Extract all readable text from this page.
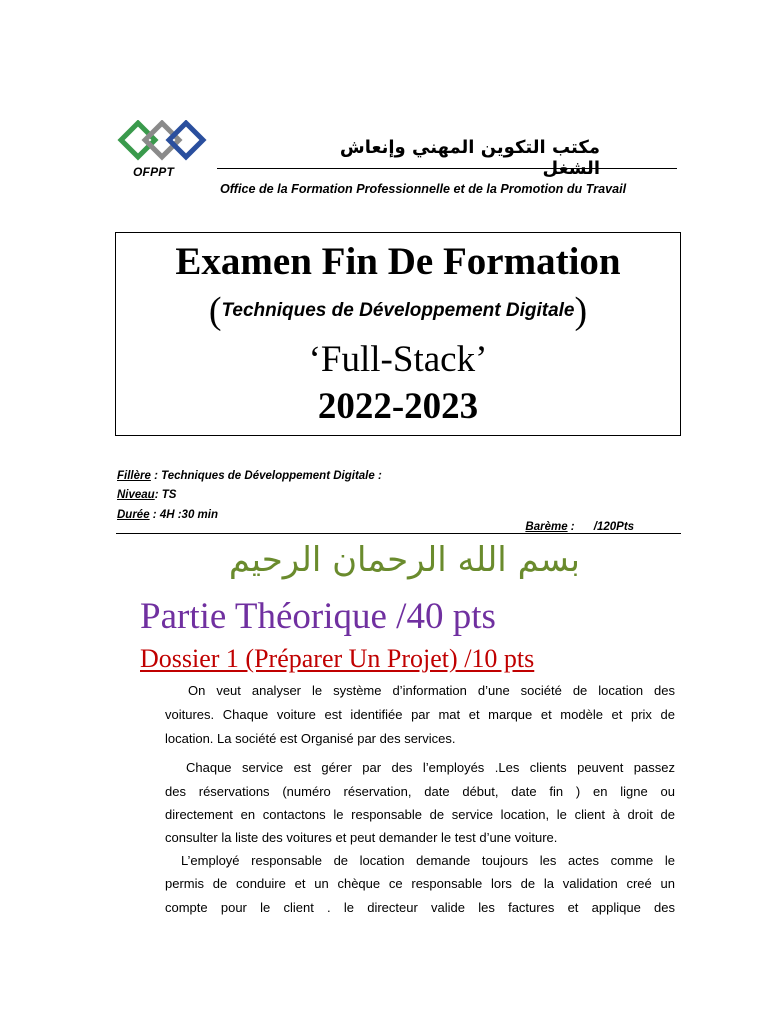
OFPPT
مكتب التكوين المهني وإنعاش الشغل
Office de la Formation Professionnelle et de la Promotion du Travail
Examen Fin De Formation
(Techniques de Développement Digitale)
‘Full-Stack’
2022-2023
Fillère : Techniques de Développement Digitale :
Niveau: TS
Durée : 4H :30 min

Barème :      /120Pts

بسم الله الرحمان الرحيم
Partie Théorique /40 pts
Dossier 1 (Préparer Un Projet) /10 pts
On veut analyser le système d’information d’une société de location des
voitures. Chaque voiture est identifiée par mat et marque et modèle et prix de
location. La société est Organisé par des services.
Chaque service est gérer par des l’employés .Les clients peuvent passez
des réservations (numéro réservation, date début, date fin ) en ligne ou
directement en contactons le responsable de service location, le client à droit de
consulter la liste des voitures et peut demander le test d’une voiture.
L’employé responsable de location demande toujours les actes comme le
permis de conduire et un chèque ce responsable lors de la validation creé un
compte pour le client . le directeur valide les factures et applique des
